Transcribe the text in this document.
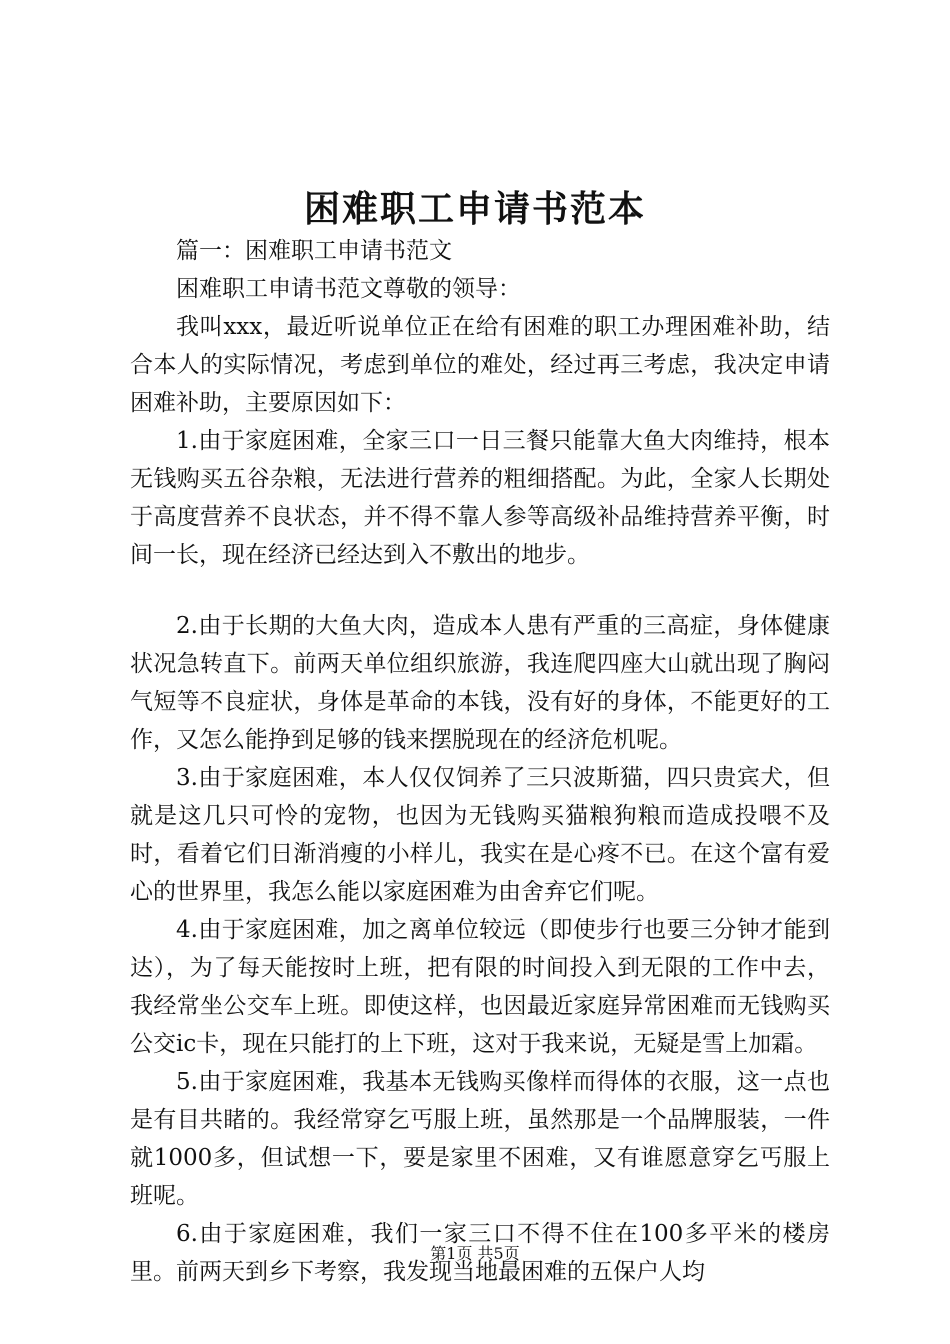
困难职工申请书范本

篇一：困难职工申请书范文

困难职工申请书范文尊敬的领导：

我叫xxx，最近听说单位正在给有困难的职工办理困难补助，结合本人的实际情况，考虑到单位的难处，经过再三考虑，我决定申请困难补助，主要原因如下：

1.由于家庭困难，全家三口一日三餐只能靠大鱼大肉维持，根本无钱购买五谷杂粮，无法进行营养的粗细搭配。为此，全家人长期处于高度营养不良状态，并不得不靠人参等高级补品维持营养平衡，时间一长，现在经济已经达到入不敷出的地步。

2.由于长期的大鱼大肉，造成本人患有严重的三高症，身体健康状况急转直下。前两天单位组织旅游，我连爬四座大山就出现了胸闷气短等不良症状，身体是革命的本钱，没有好的身体，不能更好的工作，又怎么能挣到足够的钱来摆脱现在的经济危机呢。

3.由于家庭困难，本人仅仅饲养了三只波斯猫，四只贵宾犬，但就是这几只可怜的宠物，也因为无钱购买猫粮狗粮而造成投喂不及时，看着它们日渐消瘦的小样儿，我实在是心疼不已。在这个富有爱心的世界里，我怎么能以家庭困难为由舍弃它们呢。

4.由于家庭困难，加之离单位较远（即使步行也要三分钟才能到达），为了每天能按时上班，把有限的时间投入到无限的工作中去，我经常坐公交车上班。即使这样，也因最近家庭异常困难而无钱购买公交ic卡，现在只能打的上下班，这对于我来说，无疑是雪上加霜。

5.由于家庭困难，我基本无钱购买像样而得体的衣服，这一点也是有目共睹的。我经常穿乞丐服上班，虽然那是一个品牌服装，一件就1000多，但试想一下，要是家里不困难，又有谁愿意穿乞丐服上班呢。

6.由于家庭困难，我们一家三口不得不住在100多平米的楼房里。前两天到乡下考察，我发现当地最困难的五保户人均

第1页 共5页
